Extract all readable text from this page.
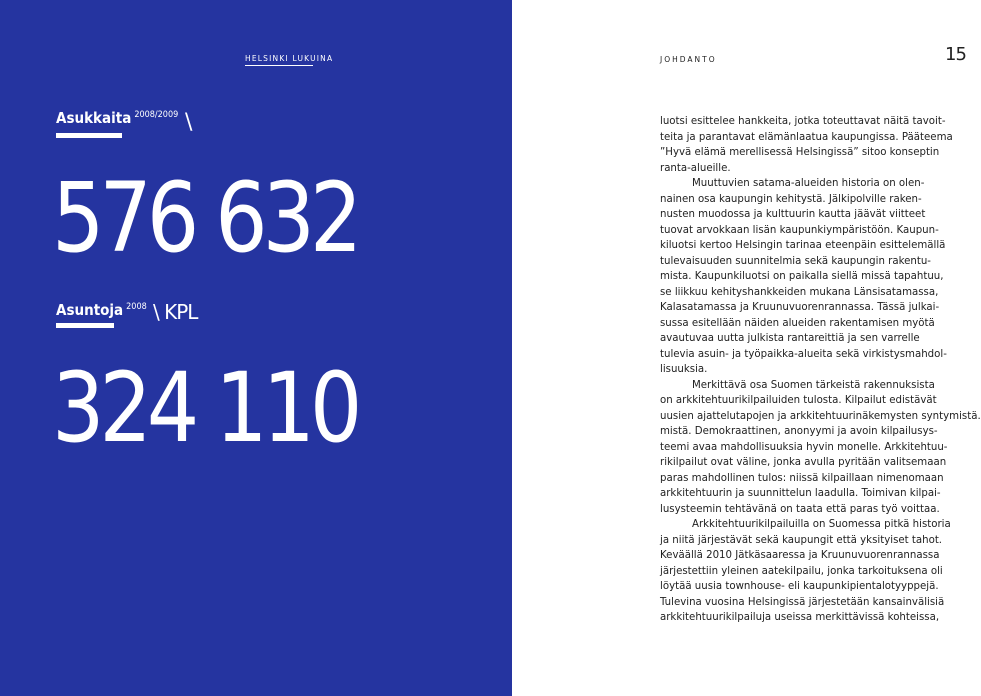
HELSINKI LUKUINA
Asukkaita $^{2008/2009}$ \
576 632
Asuntoja $^{2008}$ \ KPL
324 110
JOHDANTO	15
luotsi esittelee hankkeita, jotka toteuttavat näitä tavoit-
teita ja parantavat elämänlaatua kaupungissa. Pääteema
”Hyvä elämä merellisessä Helsingissä” sitoo konseptin
ranta-alueille.
Muuttuvien satama-alueiden historia on olen-
nainen osa kaupungin kehitystä. Jälkipolville raken-
nusten muodossa ja kulttuurin kautta jäävät viitteet
tuovat arvokkaan lisän kaupunkiympäristöön. Kaupun-
kiluotsi kertoo Helsingin tarinaa eteenpäin esittelemällä
tulevaisuuden suunnitelmia sekä kaupungin rakentu-
mista. Kaupunkiluotsi on paikalla siellä missä tapahtuu,
se liikkuu kehityshankkeiden mukana Länsisatamassa,
Kalasatamassa ja Kruunuvuorenrannassa. Tässä julkai-
sussa esitellään näiden alueiden rakentamisen myötä
avautuvaa uutta julkista rantareittiä ja sen varrelle
tulevia asuin- ja työpaikka-alueita sekä virkistysmahdol-
lisuuksia.
Merkittävä osa Suomen tärkeistä rakennuksista
on arkkitehtuurikilpailuiden tulosta. Kilpailut edistävät
uusien ajattelutapojen ja arkkitehtuurinäkemysten syntymistä.
mistä. Demokraattinen, anonyymi ja avoin kilpailusys-
teemi avaa mahdollisuuksia hyvin monelle. Arkkitehtuu-
rikilpailut ovat väline, jonka avulla pyritään valitsemaan
paras mahdollinen tulos: niissä kilpaillaan nimenomaan
arkkitehtuurin ja suunnittelun laadulla. Toimivan kilpai-
lusysteemin tehtävänä on taata että paras työ voittaa.
Arkkitehtuurikilpailuilla on Suomessa pitkä historia
ja niitä järjestävät sekä kaupungit että yksityiset tahot.
Keväällä 2010 Jätkäsaaressa ja Kruunuvuorenrannassa
järjestettiin yleinen aatekilpailu, jonka tarkoituksena oli
löytää uusia townhouse- eli kaupunkipientalotyyppejä.
Tulevina vuosina Helsingissä järjestetään kansainvälisiä
arkkitehtuurikilpailuja useissa merkittävissä kohteissa,
